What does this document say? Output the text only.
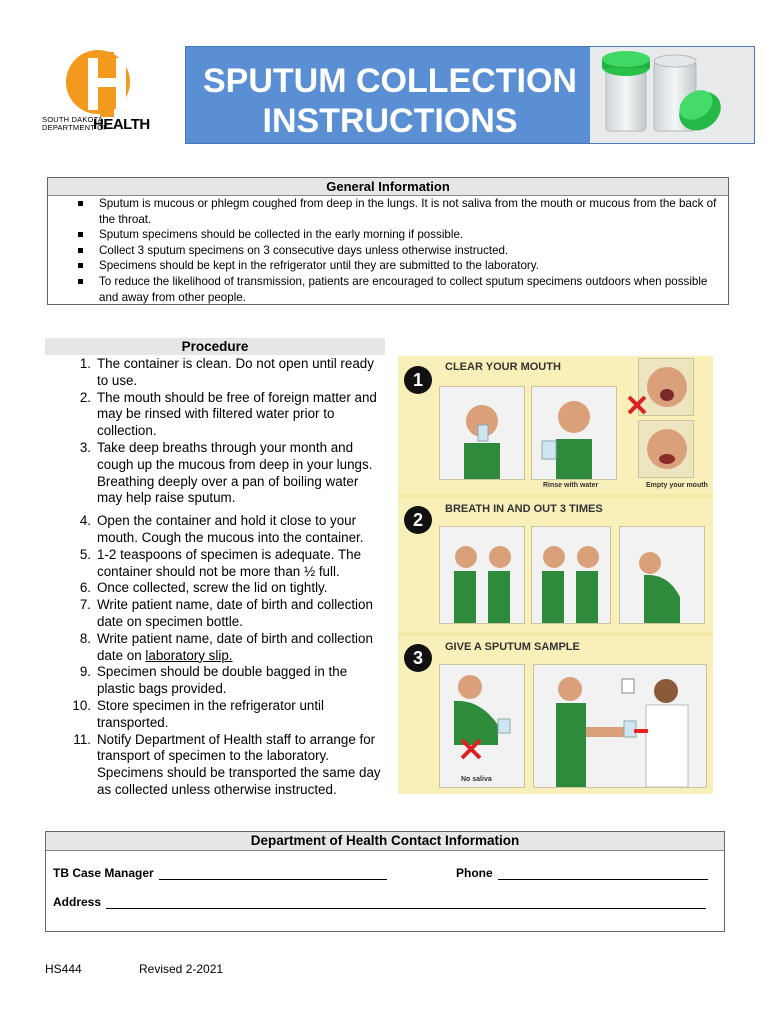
SOUTH DAKOTA
DEPARTMENT OF
HEALTH
SPUTUM COLLECTION
INSTRUCTIONS
General Information
Sputum is mucous or phlegm coughed from deep in the lungs. It is not saliva from the mouth or mucous from the back of the throat.
Sputum specimens should be collected in the early morning if possible.
Collect 3 sputum specimens on 3 consecutive days unless otherwise instructed.
Specimens should be kept in the refrigerator until they are submitted to the laboratory.
To reduce the likelihood of transmission, patients are encouraged to collect sputum specimens outdoors when possible and away from other people.
Procedure
1. The container is clean. Do not open until ready to use.
2. The mouth should be free of foreign matter and may be rinsed with filtered water prior to collection.
3. Take deep breaths through your month and cough up the mucous from deep in your lungs. Breathing deeply over a pan of boiling water may help raise sputum.
4. Open the container and hold it close to your mouth. Cough the mucous into the container.
5. 1-2 teaspoons of specimen is adequate. The container should not be more than ½ full.
6. Once collected, screw the lid on tightly.
7. Write patient name, date of birth and collection date on specimen bottle.
8. Write patient name, date of birth and collection date on laboratory slip.
9. Specimen should be double bagged in the plastic bags provided.
10. Store specimen in the refrigerator until transported.
11. Notify Department of Health staff to arrange for transport of specimen to the laboratory. Specimens should be transported the same day as collected unless otherwise instructed.
1
CLEAR YOUR MOUTH
Rinse with water	Empty your mouth
2
BREATH IN AND OUT 3 TIMES
3
GIVE A SPUTUM SAMPLE
No saliva
Department of Health Contact Information
TB Case Manager	Phone
Address
HS444	Revised 2-2021
